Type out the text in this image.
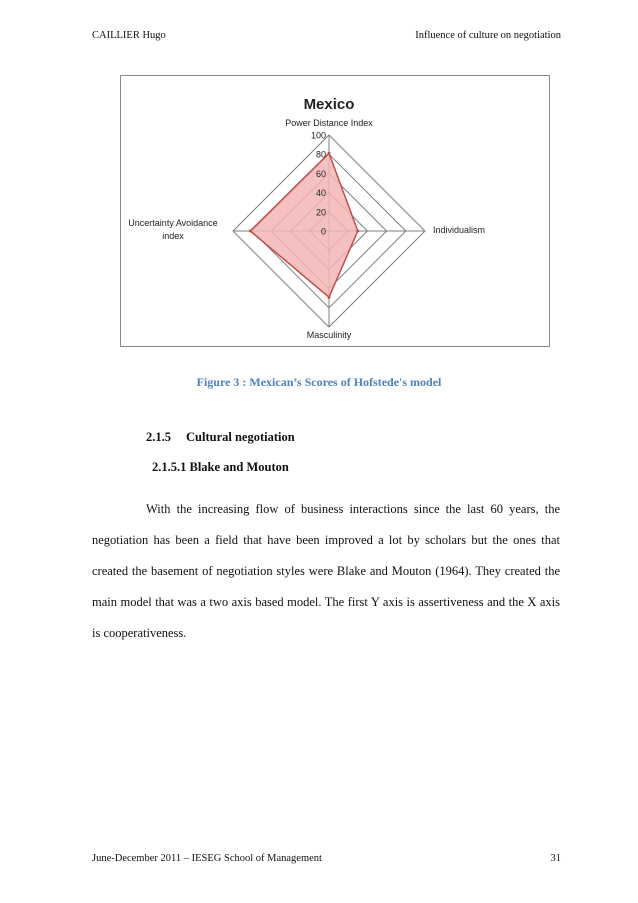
CAILLIER Hugo	Influence of culture on negotiation
Mexico
0
20
40
60
80
100
Power Distance Index
Individualism
Masculinity
Uncertainty Avoidance
index
Figure 3 : Mexican’s Scores of Hofstede's model
2.1.5 Cultural negotiation
2.1.5.1 Blake and Mouton

With the increasing flow of business interactions since the last 60 years, the negotiation has been a field that have been improved a lot by scholars but the ones that created the basement of negotiation styles were Blake and Mouton (1964). They created the main model that was a two axis based model. The first Y axis is assertiveness and the X axis is cooperativeness.

June-December 2011 – IESEG School of Management	31
